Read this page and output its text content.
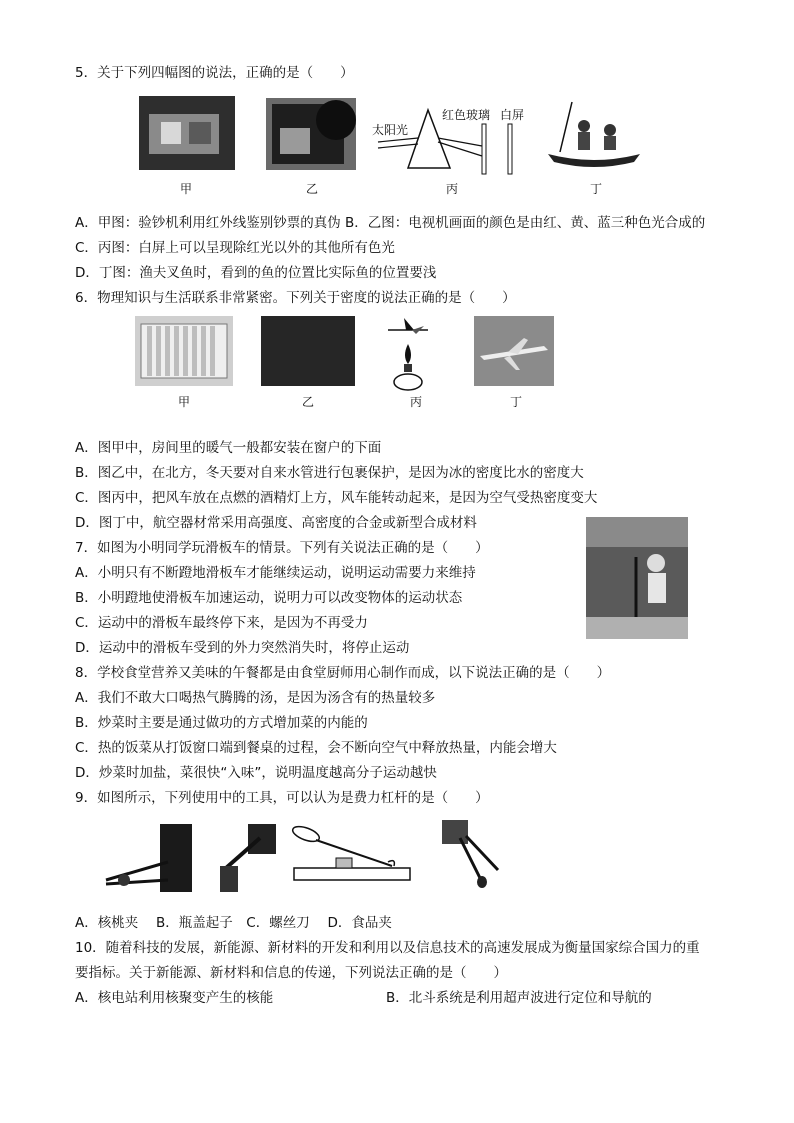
5．关于下列四幅图的说法，正确的是（　　）
太阳光
红色玻璃 白屏
甲	乙	丙	丁
A．甲图：验钞机利用红外线鉴别钞票的真伪 B．乙图：电视机画面的颜色是由红、黄、蓝三种色光合成的
C．丙图：白屏上可以呈现除红光以外的其他所有色光
D．丁图：渔夫叉鱼时，看到的鱼的位置比实际鱼的位置要浅
6．物理知识与生活联系非常紧密。下列关于密度的说法正确的是（　　）
甲	乙	丙	丁
A．图甲中，房间里的暖气一般都安装在窗户的下面
B．图乙中，在北方，冬天要对自来水管进行包裹保护，是因为冰的密度比水的密度大
C．图丙中，把风车放在点燃的酒精灯上方，风车能转动起来，是因为空气受热密度变大
D．图丁中，航空器材常采用高强度、高密度的合金或新型合成材料
7．如图为小明同学玩滑板车的情景。下列有关说法正确的是（　　）
A．小明只有不断蹬地滑板车才能继续运动，说明运动需要力来维持
B．小明蹬地使滑板车加速运动，说明力可以改变物体的运动状态
C．运动中的滑板车最终停下来，是因为不再受力
D．运动中的滑板车受到的外力突然消失时，将停止运动
8．学校食堂营养又美味的午餐都是由食堂厨师用心制作而成，以下说法正确的是（　　）
A．我们不敢大口喝热气腾腾的汤，是因为汤含有的热量较多
B．炒菜时主要是通过做功的方式增加菜的内能的
C．热的饭菜从打饭窗口端到餐桌的过程，会不断向空气中释放热量，内能会增大
D．炒菜时加盐，菜很快“入味”，说明温度越高分子运动越快
9．如图所示，下列使用中的工具，可以认为是费力杠杆的是（　　）
A．核桃夹　 B．瓶盖起子　C．螺丝刀　 D．食品夹
10．随着科技的发展，新能源、新材料的开发和利用以及信息技术的高速发展成为衡量国家综合国力的重
要指标。关于新能源、新材料和信息的传递，下列说法正确的是（　　）
A．核电站利用核聚变产生的核能	B．北斗系统是利用超声波进行定位和导航的
